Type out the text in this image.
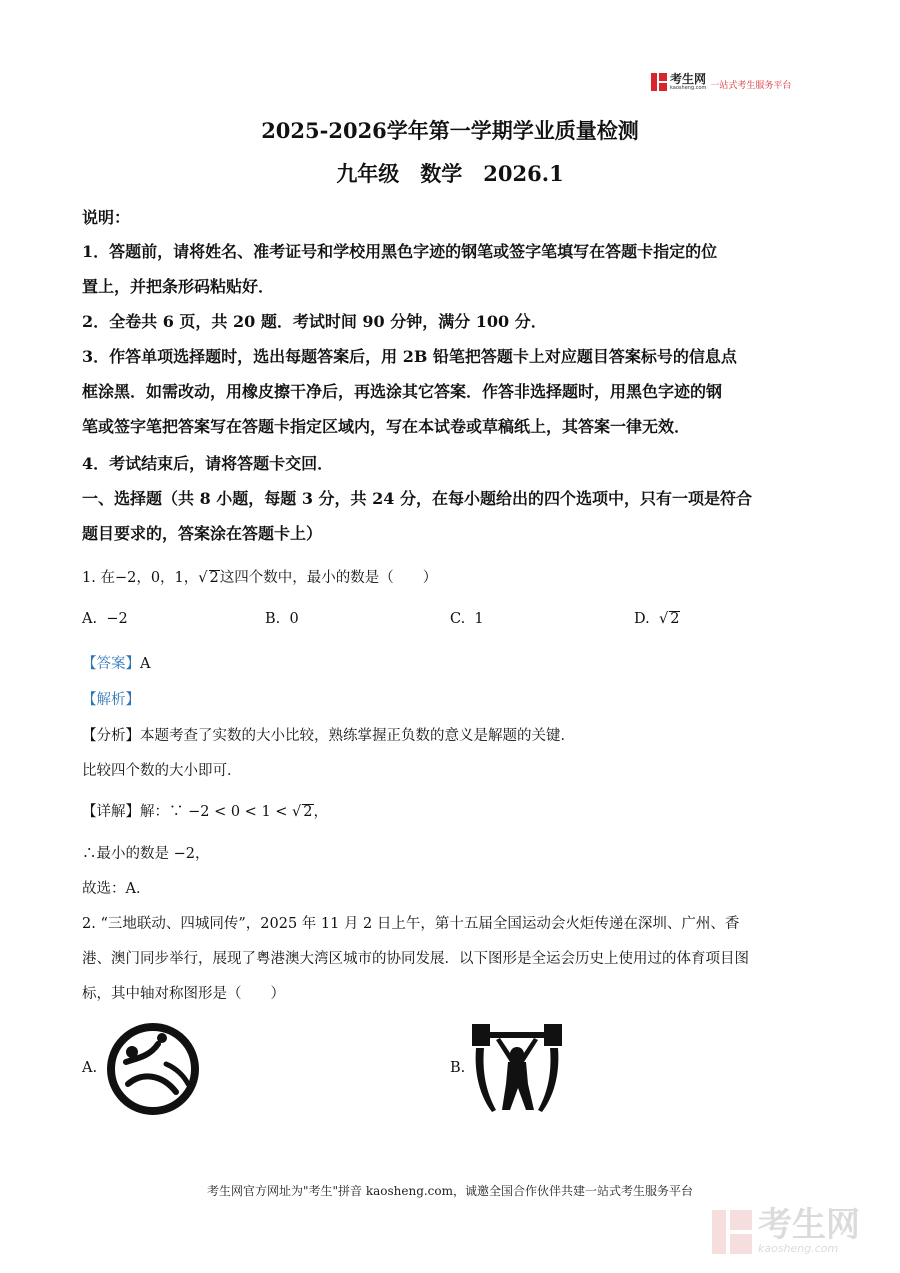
考生网
kaosheng.com 一站式考生服务平台
2025-2026学年第一学期学业质量检测
九年级　数学　2026.1
说明：
1．答题前，请将姓名、准考证号和学校用黑色字迹的钢笔或签字笔填写在答题卡指定的位
置上，并把条形码粘贴好．
2．全卷共 6 页，共 20 题．考试时间 90 分钟，满分 100 分．
3．作答单项选择题时，选出每题答案后，用 2B 铅笔把答题卡上对应题目答案标号的信息点
框涂黑．如需改动，用橡皮擦干净后，再选涂其它答案．作答非选择题时，用黑色字迹的钢
笔或签字笔把答案写在答题卡指定区域内，写在本试卷或草稿纸上，其答案一律无效．
4．考试结束后，请将答题卡交回．
一、选择题（共 8 小题，每题 3 分，共 24 分，在每小题给出的四个选项中，只有一项是符合
题目要求的，答案涂在答题卡上）
1. 在−2，0，1，√ 2这四个数中，最小的数是（　　）
A. −2	B. 0	C. 1	D. √ 2
【答案】A
【解析】
【分析】本题考查了实数的大小比较，熟练掌握正负数的意义是解题的关键．
比较四个数的大小即可．
【详解】解：∵ −2 < 0 < 1 < √ 2，
∴最小的数是 −2，
故选：A．
2. “三地联动、四城同传”，2025 年 11 月 2 日上午，第十五届全国运动会火炬传递在深圳、广州、香
港、澳门同步举行，展现了粤港澳大湾区城市的协同发展．以下图形是全运会历史上使用过的体育项目图
标，其中轴对称图形是（　　）
A.	B.
考生网官方网址为"考生"拼音 kaosheng.com，诚邀全国合作伙伴共建一站式考生服务平台
考生网
kaosheng.com
